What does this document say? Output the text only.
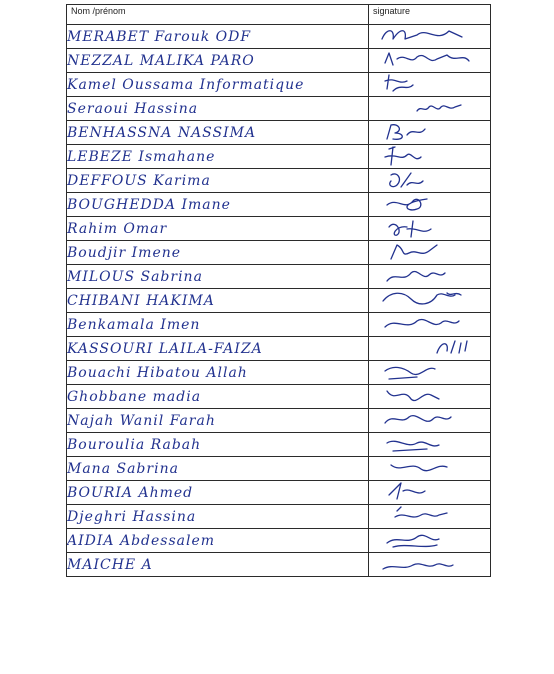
Nom /prénom	signature
MERABET Farouk ODF	

NEZZAL MALIKA PARO	

Kamel Oussama Informatique	

Seraoui Hassina	

BENHASSNA NASSIMA	

LEBEZE Ismahane	

DEFFOUS Karima	

BOUGHEDDA Imane	

Rahim Omar	

Boudjir Imene	

MILOUS Sabrina	

CHIBANI HAKIMA	

Benkamala Imen	

KASSOURI LAILA-FAIZA	

Bouachi Hibatou Allah	

Ghobbane madia	

Najah Wanil Farah	

Bouroulia Rabah	

Mana Sabrina	

BOURIA Ahmed	

Djeghri Hassina	

AIDIA Abdessalem	

MAICHE A	
